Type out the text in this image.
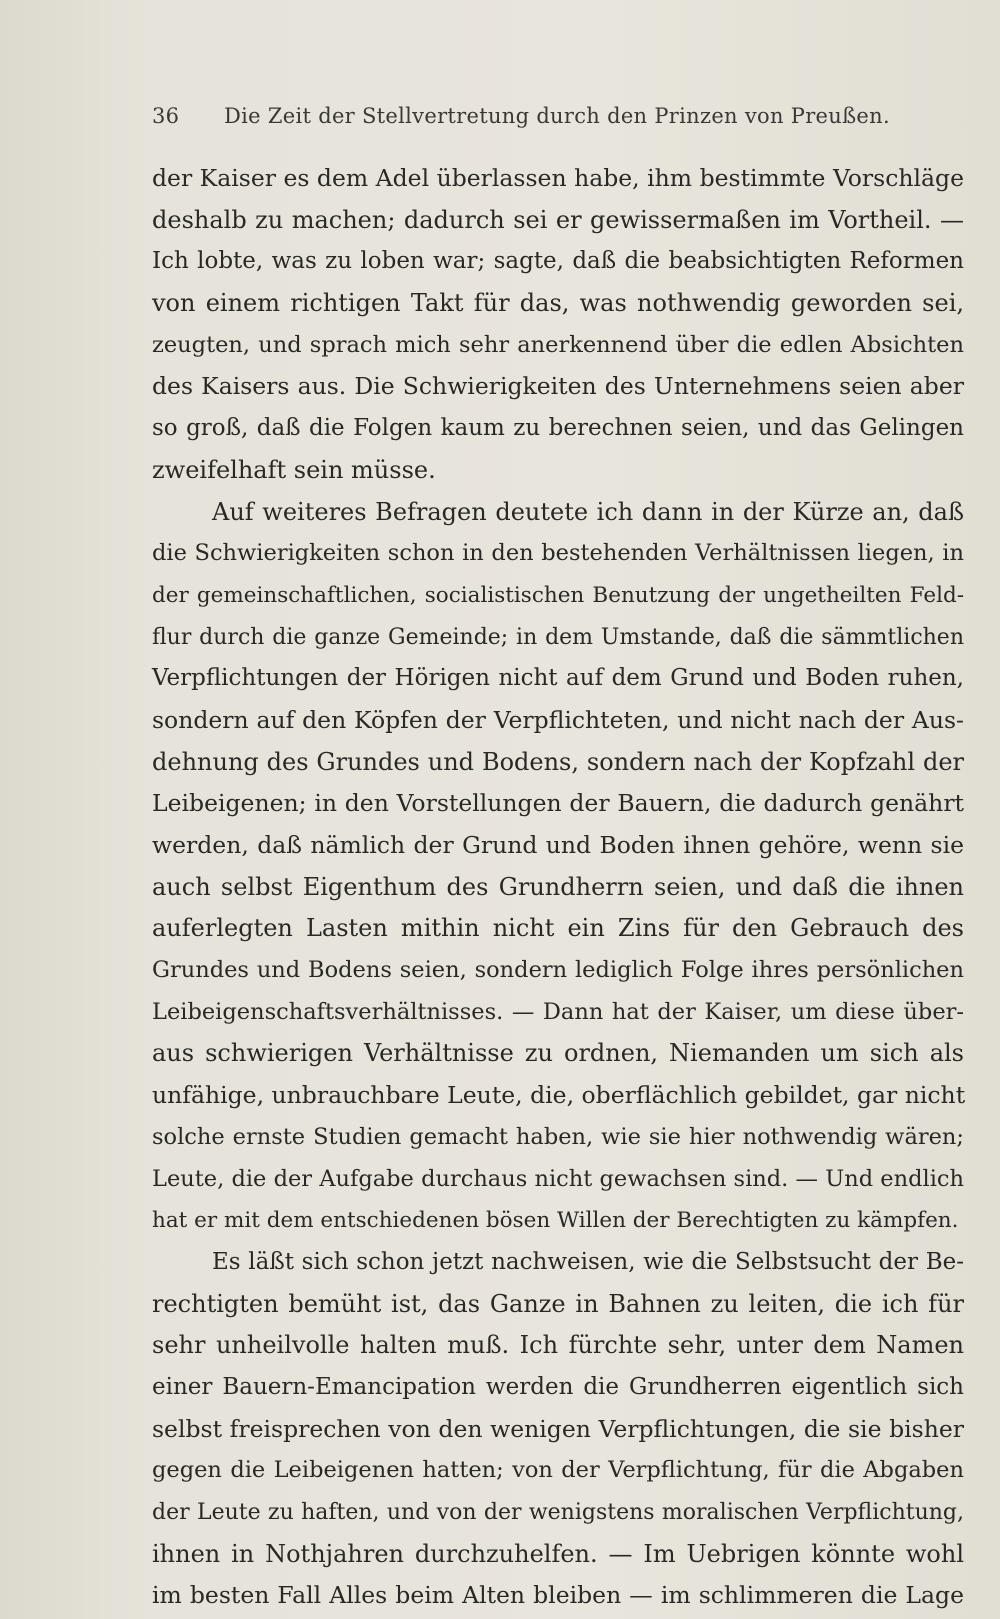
36 Die Zeit der Stellvertretung durch den Prinzen von Preußen.
der Kaiser es dem Adel überlassen habe, ihm bestimmte Vorschläge
deshalb zu machen; dadurch sei er gewissermaßen im Vortheil. —
Ich lobte, was zu loben war; sagte, daß die beabsichtigten Reformen
von einem richtigen Takt für das, was nothwendig geworden sei,
zeugten, und sprach mich sehr anerkennend über die edlen Absichten
des Kaisers aus. Die Schwierigkeiten des Unternehmens seien aber
so groß, daß die Folgen kaum zu berechnen seien, und das Gelingen
zweifelhaft sein müsse.
Auf weiteres Befragen deutete ich dann in der Kürze an, daß
die Schwierigkeiten schon in den bestehenden Verhältnissen liegen, in
der gemeinschaftlichen, socialistischen Benutzung der ungetheilten Feld-
flur durch die ganze Gemeinde; in dem Umstande, daß die sämmtlichen
Verpflichtungen der Hörigen nicht auf dem Grund und Boden ruhen,
sondern auf den Köpfen der Verpflichteten, und nicht nach der Aus-
dehnung des Grundes und Bodens, sondern nach der Kopfzahl der
Leibeigenen; in den Vorstellungen der Bauern, die dadurch genährt
werden, daß nämlich der Grund und Boden ihnen gehöre, wenn sie
auch selbst Eigenthum des Grundherrn seien, und daß die ihnen
auferlegten Lasten mithin nicht ein Zins für den Gebrauch des
Grundes und Bodens seien, sondern lediglich Folge ihres persönlichen
Leibeigenschaftsverhältnisses. — Dann hat der Kaiser, um diese über-
aus schwierigen Verhältnisse zu ordnen, Niemanden um sich als
unfähige, unbrauchbare Leute, die, oberflächlich gebildet, gar nicht
solche ernste Studien gemacht haben, wie sie hier nothwendig wären;
Leute, die der Aufgabe durchaus nicht gewachsen sind. — Und endlich
hat er mit dem entschiedenen bösen Willen der Berechtigten zu kämpfen.
Es läßt sich schon jetzt nachweisen, wie die Selbstsucht der Be-
rechtigten bemüht ist, das Ganze in Bahnen zu leiten, die ich für
sehr unheilvolle halten muß. Ich fürchte sehr, unter dem Namen
einer Bauern-Emancipation werden die Grundherren eigentlich sich
selbst freisprechen von den wenigen Verpflichtungen, die sie bisher
gegen die Leibeigenen hatten; von der Verpflichtung, für die Abgaben
der Leute zu haften, und von der wenigstens moralischen Verpflichtung,
ihnen in Nothjahren durchzuhelfen. — Im Uebrigen könnte wohl
im besten Fall Alles beim Alten bleiben — im schlimmeren die Lage
